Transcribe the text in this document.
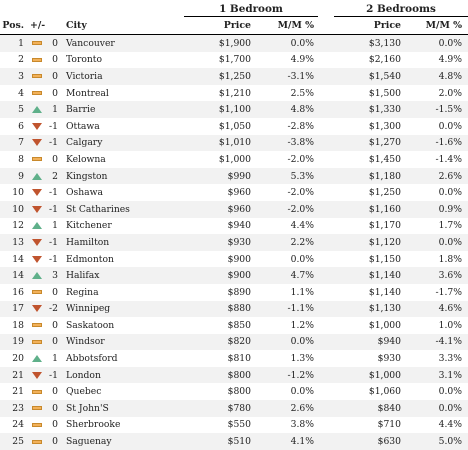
				1 Bedroom			2 Bedrooms	
Pos.	+/-		City	Price	M/M %		Price	M/M %
1		0	Vancouver	$1,900	0.0%		$3,130	0.0%
2		0	Toronto	$1,700	4.9%		$2,160	4.9%
3		0	Victoria	$1,250	-3.1%		$1,540	4.8%
4		0	Montreal	$1,210	2.5%		$1,500	2.0%
5		1	Barrie	$1,100	4.8%		$1,330	-1.5%
6		-1	Ottawa	$1,050	-2.8%		$1,300	0.0%
7		-1	Calgary	$1,010	-3.8%		$1,270	-1.6%
8		0	Kelowna	$1,000	-2.0%		$1,450	-1.4%
9		2	Kingston	$990	5.3%		$1,180	2.6%
10		-1	Oshawa	$960	-2.0%		$1,250	0.0%
10		-1	St Catharines	$960	-2.0%		$1,160	0.9%
12		1	Kitchener	$940	4.4%		$1,170	1.7%
13		-1	Hamilton	$930	2.2%		$1,120	0.0%
14		-1	Edmonton	$900	0.0%		$1,150	1.8%
14		3	Halifax	$900	4.7%		$1,140	3.6%
16		0	Regina	$890	1.1%		$1,140	-1.7%
17		-2	Winnipeg	$880	-1.1%		$1,130	4.6%
18		0	Saskatoon	$850	1.2%		$1,000	1.0%
19		0	Windsor	$820	0.0%		$940	-4.1%
20		1	Abbotsford	$810	1.3%		$930	3.3%
21		-1	London	$800	-1.2%		$1,000	3.1%
21		0	Quebec	$800	0.0%		$1,060	0.0%
23		0	St John'S	$780	2.6%		$840	0.0%
24		0	Sherbrooke	$550	3.8%		$710	4.4%
25		0	Saguenay	$510	4.1%		$630	5.0%
